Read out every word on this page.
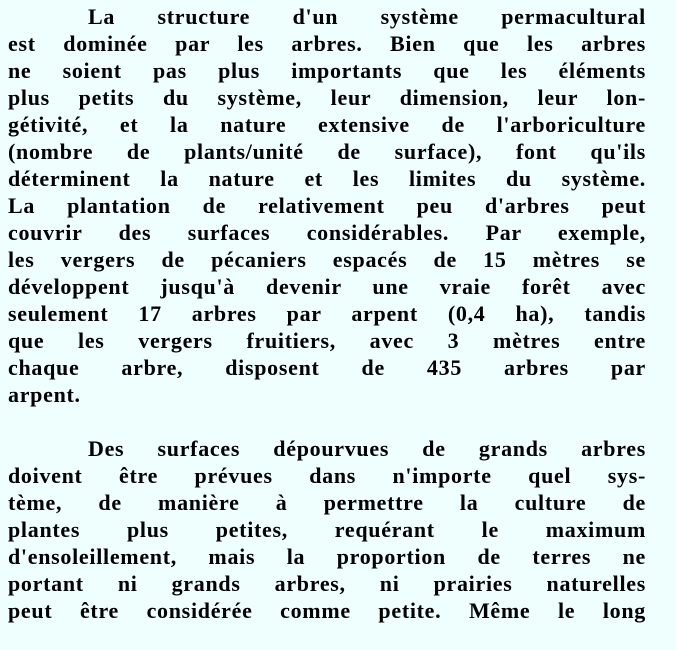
La structure d'un système permacultural
est dominée par les arbres. Bien que les arbres
ne soient pas plus importants que les éléments
plus petits du système, leur dimension, leur lon-
gétivité, et la nature extensive de l'arboriculture
(nombre de plants/unité de surface), font qu'ils
déterminent la nature et les limites du système.
La plantation de relativement peu d'arbres peut
couvrir des surfaces considérables. Par exemple,
les vergers de pécaniers espacés de 15 mètres se
développent jusqu'à devenir une vraie forêt avec
seulement 17 arbres par arpent (0,4 ha), tandis
que les vergers fruitiers, avec 3 mètres entre
chaque arbre, disposent de 435 arbres par
arpent.
Des surfaces dépourvues de grands arbres
doivent être prévues dans n'importe quel sys-
tème, de manière à permettre la culture de
plantes plus petites, requérant le maximum
d'ensoleillement, mais la proportion de terres ne
portant ni grands arbres, ni prairies naturelles
peut être considérée comme petite. Même le long
